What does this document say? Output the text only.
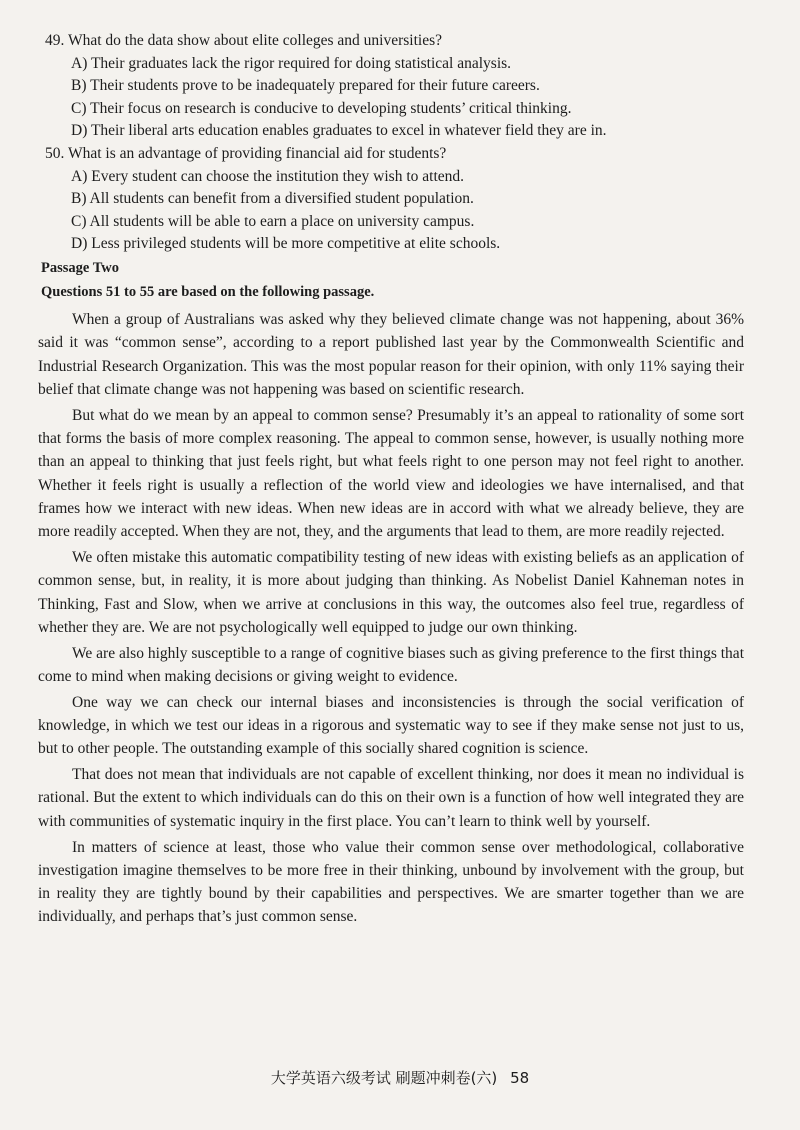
49. What do the data show about elite colleges and universities?
A) Their graduates lack the rigor required for doing statistical analysis.
B) Their students prove to be inadequately prepared for their future careers.
C) Their focus on research is conducive to developing students’ critical thinking.
D) Their liberal arts education enables graduates to excel in whatever field they are in.
50. What is an advantage of providing financial aid for students?
A) Every student can choose the institution they wish to attend.
B) All students can benefit from a diversified student population.
C) All students will be able to earn a place on university campus.
D) Less privileged students will be more competitive at elite schools.
Passage Two
Questions 51 to 55 are based on the following passage.

When a group of Australians was asked why they believed climate change was not happening, about 36% said it was “common sense”, according to a report published last year by the Commonwealth Scientific and Industrial Research Organization. This was the most popular reason for their opinion, with only 11% saying their belief that climate change was not happening was based on scientific research.

But what do we mean by an appeal to common sense? Presumably it’s an appeal to rationality of some sort that forms the basis of more complex reasoning. The appeal to common sense, however, is usually nothing more than an appeal to thinking that just feels right, but what feels right to one person may not feel right to another. Whether it feels right is usually a reflection of the world view and ideologies we have internalised, and that frames how we interact with new ideas. When new ideas are in accord with what we already believe, they are more readily accepted. When they are not, they, and the arguments that lead to them, are more readily rejected.

We often mistake this automatic compatibility testing of new ideas with existing beliefs as an application of common sense, but, in reality, it is more about judging than thinking. As Nobelist Daniel Kahneman notes in Thinking, Fast and Slow, when we arrive at conclusions in this way, the outcomes also feel true, regardless of whether they are. We are not psychologically well equipped to judge our own thinking.

We are also highly susceptible to a range of cognitive biases such as giving preference to the first things that come to mind when making decisions or giving weight to evidence.

One way we can check our internal biases and inconsistencies is through the social verification of knowledge, in which we test our ideas in a rigorous and systematic way to see if they make sense not just to us, but to other people. The outstanding example of this socially shared cognition is science.

That does not mean that individuals are not capable of excellent thinking, nor does it mean no individual is rational. But the extent to which individuals can do this on their own is a function of how well integrated they are with communities of systematic inquiry in the first place. You can’t learn to think well by yourself.

In matters of science at least, those who value their common sense over methodological, collaborative investigation imagine themselves to be more free in their thinking, unbound by involvement with the group, but in reality they are tightly bound by their capabilities and perspectives. We are smarter together than we are individually, and perhaps that’s just common sense.

大学英语六级考试 刷题冲刺卷(六) 58
